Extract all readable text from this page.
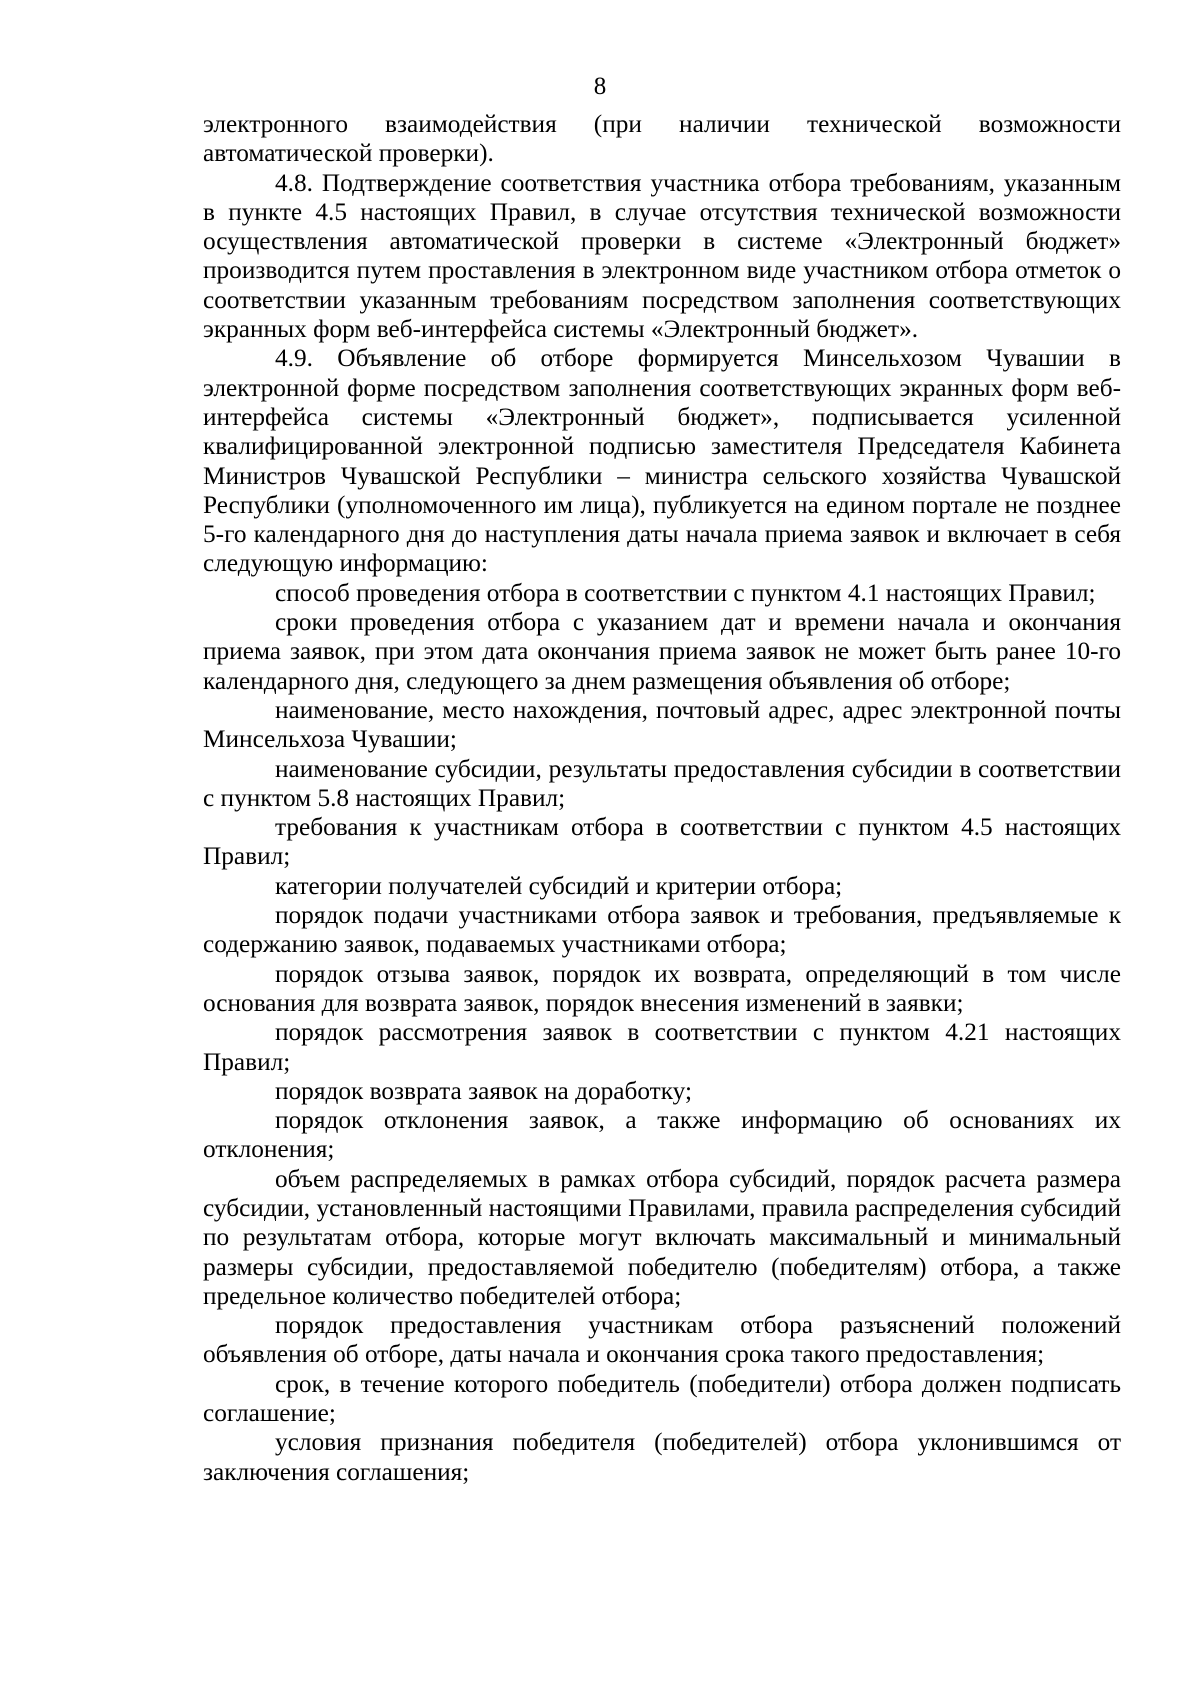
8

электронного взаимодействия (при наличии технической возможности автоматической проверки).

4.8. Подтверждение соответствия участника отбора требованиям, указанным в пункте 4.5 настоящих Правил, в случае отсутствия технической возможности осуществления автоматической проверки в системе «Электронный бюджет» производится путем проставления в электронном виде участником отбора отметок о соответствии указанным требованиям посредством заполнения соответствующих экранных форм веб-интерфейса системы «Электронный бюджет».

4.9. Объявление об отборе формируется Минсельхозом Чувашии в электронной форме посредством заполнения соответствующих экранных форм веб-интерфейса системы «Электронный бюджет», подписывается усиленной квалифицированной электронной подписью заместителя Председателя Кабинета Министров Чувашской Республики – министра сельского хозяйства Чувашской Республики (уполномоченного им лица), публикуется на едином портале не позднее 5-го календарного дня до наступления даты начала приема заявок и включает в себя следующую информацию:

способ проведения отбора в соответствии с пунктом 4.1 настоящих Правил;

сроки проведения отбора с указанием дат и времени начала и окончания приема заявок, при этом дата окончания приема заявок не может быть ранее 10-го календарного дня, следующего за днем размещения объявления об отборе;

наименование, место нахождения, почтовый адрес, адрес электронной почты Минсельхоза Чувашии;

наименование субсидии, результаты предоставления субсидии в соответствии с пунктом 5.8 настоящих Правил;

требования к участникам отбора в соответствии с пунктом 4.5 настоящих Правил;

категории получателей субсидий и критерии отбора;

порядок подачи участниками отбора заявок и требования, предъявляемые к содержанию заявок, подаваемых участниками отбора;

порядок отзыва заявок, порядок их возврата, определяющий в том числе основания для возврата заявок, порядок внесения изменений в заявки;

порядок рассмотрения заявок в соответствии с пунктом 4.21 настоящих Правил;

порядок возврата заявок на доработку;

порядок отклонения заявок, а также информацию об основаниях их отклонения;

объем распределяемых в рамках отбора субсидий, порядок расчета размера субсидии, установленный настоящими Правилами, правила распределения субсидий по результатам отбора, которые могут включать максимальный и минимальный размеры субсидии, предоставляемой победителю (победителям) отбора, а также предельное количество победителей отбора;

порядок предоставления участникам отбора разъяснений положений объявления об отборе, даты начала и окончания срока такого предоставления;

срок, в течение которого победитель (победители) отбора должен подписать соглашение;

условия признания победителя (победителей) отбора уклонившимся от заключения соглашения;
